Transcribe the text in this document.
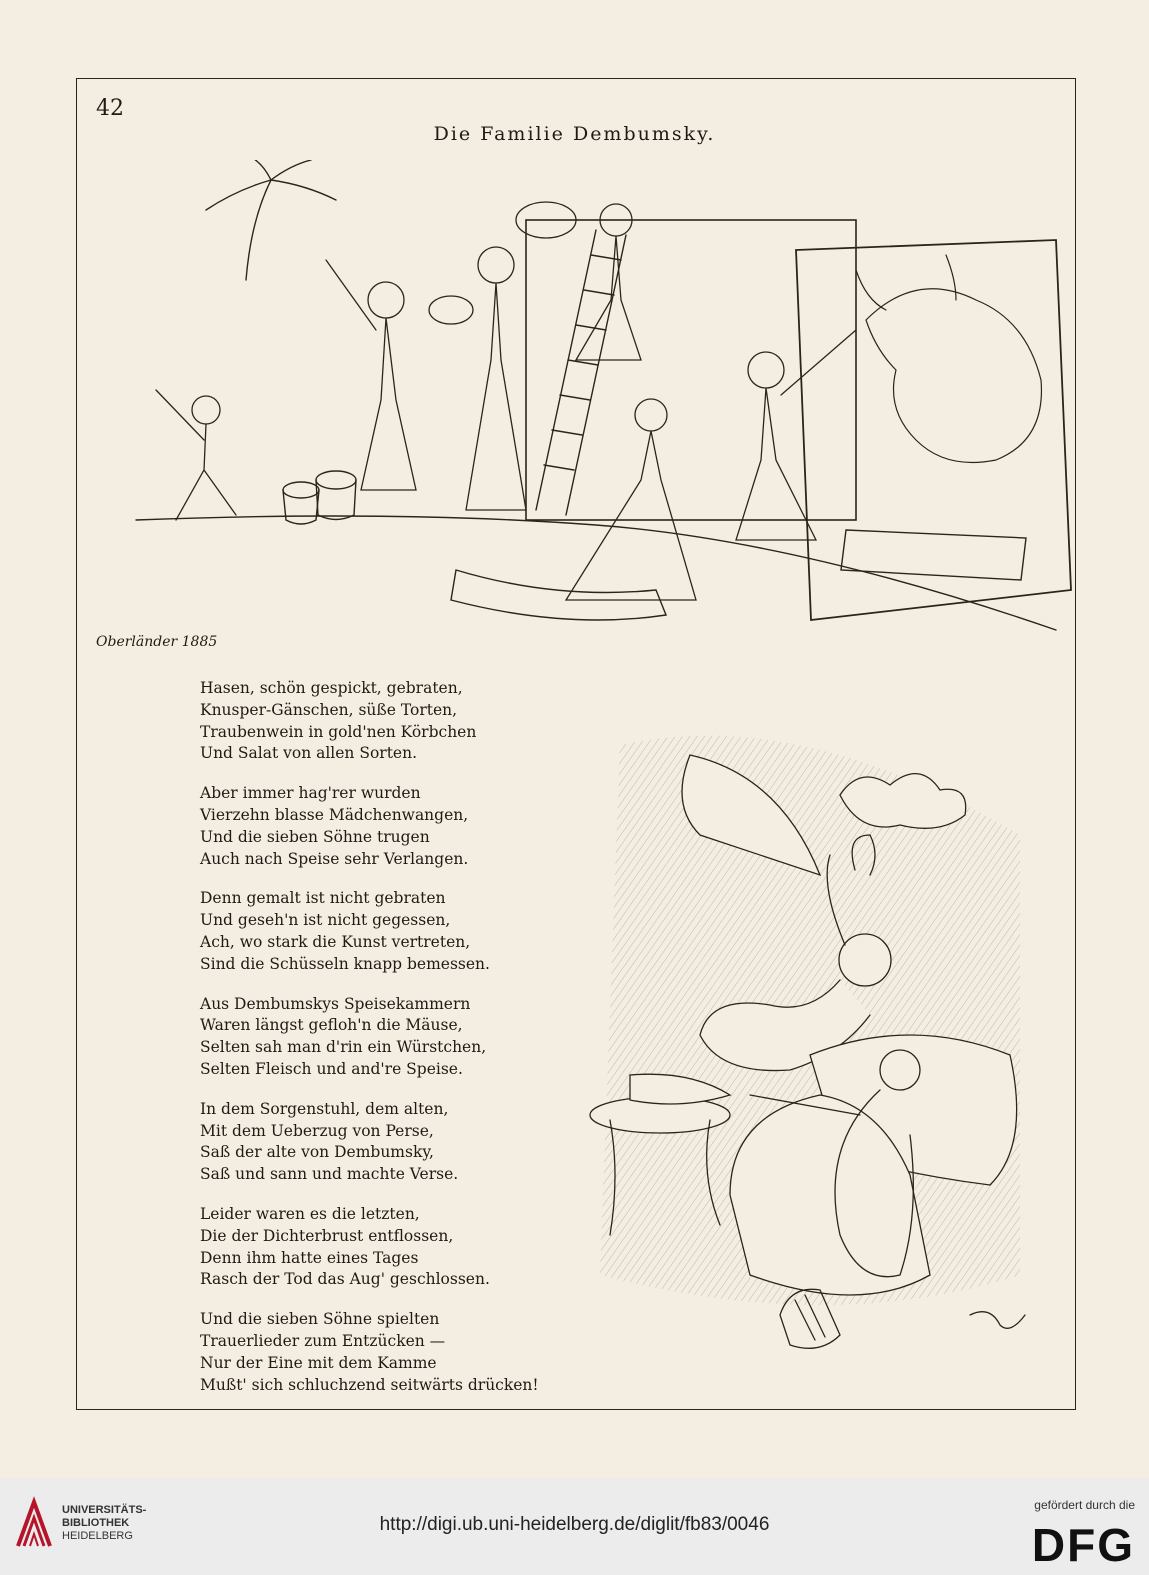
42
Die Familie Dembumsky.
Oberländer 1885
Hasen, schön gespickt, gebraten,
Knusper-Gänschen, süße Torten,
Traubenwein in gold'nen Körbchen
Und Salat von allen Sorten.
Aber immer hag'rer wurden
Vierzehn blasse Mädchenwangen,
Und die sieben Söhne trugen
Auch nach Speise sehr Verlangen.
Denn gemalt ist nicht gebraten
Und geseh'n ist nicht gegessen,
Ach, wo stark die Kunst vertreten,
Sind die Schüsseln knapp bemessen.
Aus Dembumskys Speisekammern
Waren längst gefloh'n die Mäuse,
Selten sah man d'rin ein Würstchen,
Selten Fleisch und and're Speise.
In dem Sorgenstuhl, dem alten,
Mit dem Ueberzug von Perse,
Saß der alte von Dembumsky,
Saß und sann und machte Verse.
Leider waren es die letzten,
Die der Dichterbrust entflossen,
Denn ihm hatte eines Tages
Rasch der Tod das Aug' geschlossen.
Und die sieben Söhne spielten
Trauerlieder zum Entzücken —
Nur der Eine mit dem Kamme
Mußt' sich schluchzend seitwärts drücken!
UNIVERSITÄTS-
BIBLIOTHEK
HEIDELBERG
http://digi.ub.uni-heidelberg.de/diglit/fb83/0046
gefördert durch die
DFG
